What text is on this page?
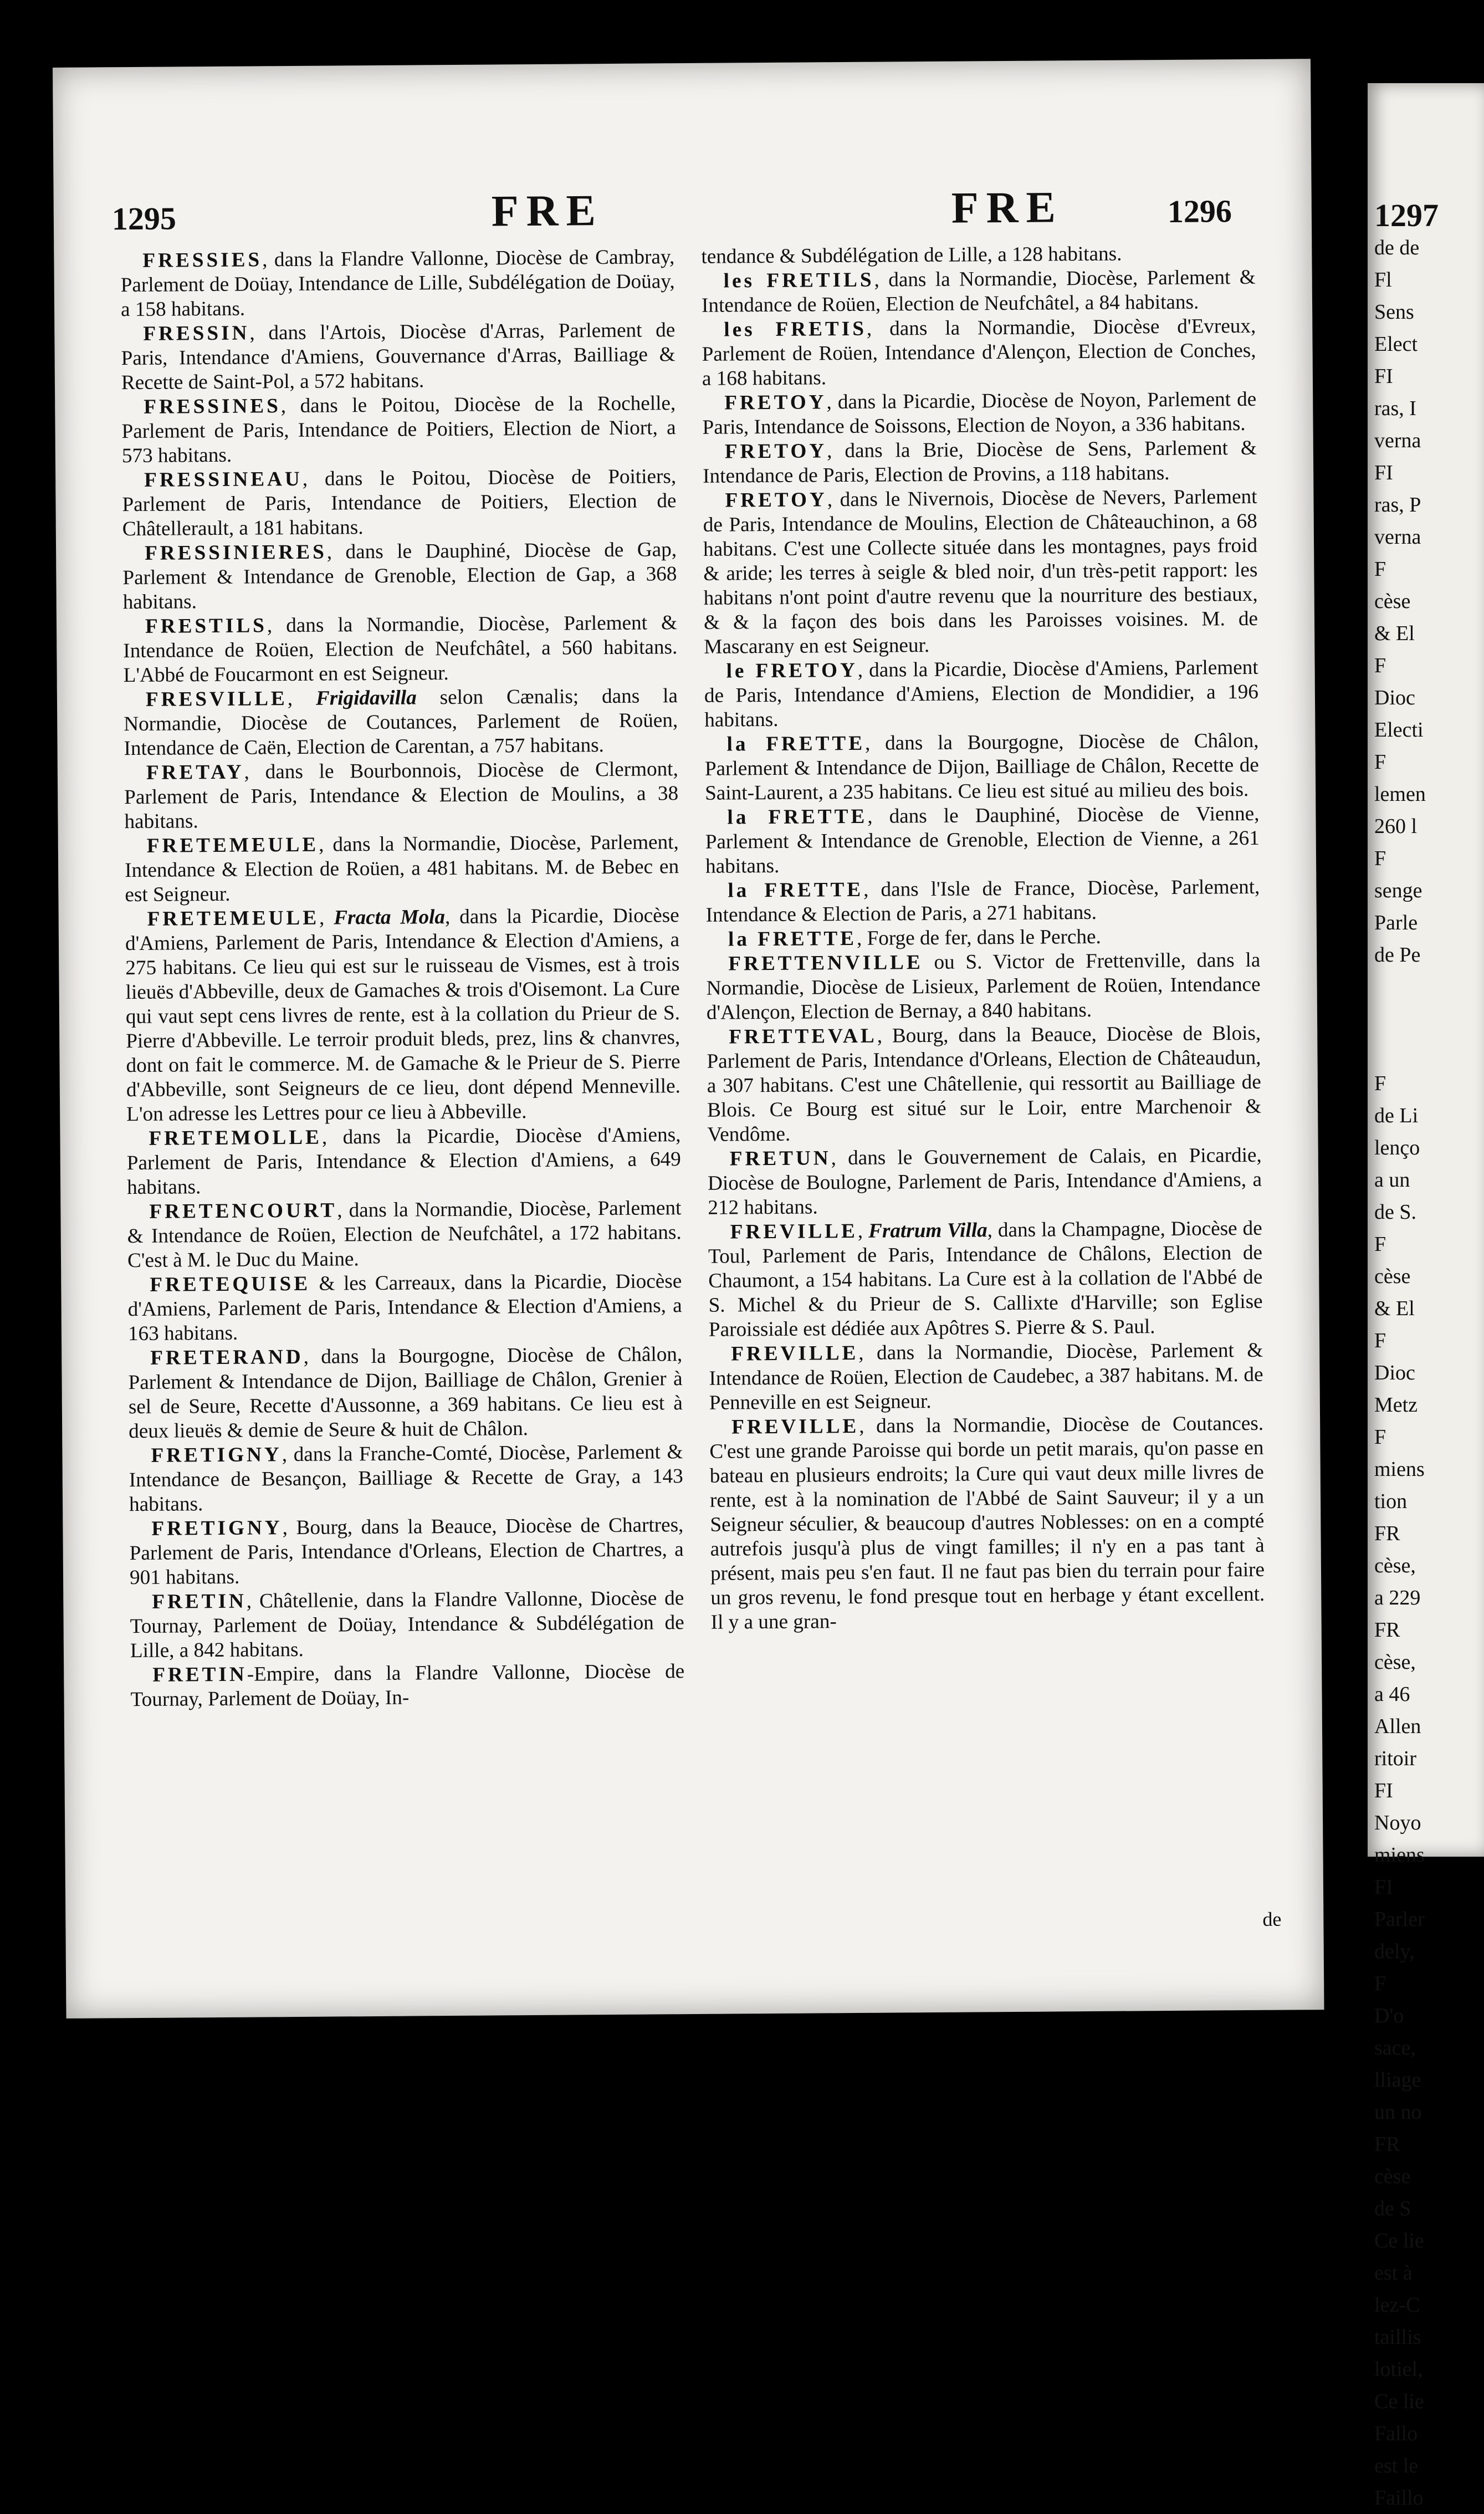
1297
de de
Fl
Sens
Elect
FI
ras, I
verna
FI
ras, P
verna
F
cèse
& El
F
Dioc
Electi
F
lemen
260 l
F
senge
Parle
de Pe

F
de Li
lenço
a un
de S.
F
cèse
& El
F
Dioc
Metz
F
miens
tion
FR
cèse,
a 229
FR
cèse,
a 46
Allen
ritoir
FI
Noyo
miens
FI
Parler
dely,
F
D'o
sace,
lliage
un no
FR
cèse
de S
Ce lie
est à
lez-C
taillis
lotiel,
Ce lie
Fallo
est le
Faillo
1295	FRE	FRE	1296

FRESSIES, dans la Flandre Vallonne, Diocèse de Cambray, Parlement de Doüay, Intendance de Lille, Subdélégation de Doüay, a 158 habitans.

FRESSIN, dans l'Artois, Diocèse d'Arras, Parlement de Paris, Intendance d'Amiens, Gouvernance d'Arras, Bailliage & Recette de Saint-Pol, a 572 habitans.

FRESSINES, dans le Poitou, Diocèse de la Rochelle, Parlement de Paris, Intendance de Poitiers, Election de Niort, a 573 habitans.

FRESSINEAU, dans le Poitou, Diocèse de Poitiers, Parlement de Paris, Intendance de Poitiers, Election de Châtellerault, a 181 habitans.

FRESSINIERES, dans le Dauphiné, Diocèse de Gap, Parlement & Intendance de Grenoble, Election de Gap, a 368 habitans.

FRESTILS, dans la Normandie, Diocèse, Parlement & Intendance de Roüen, Election de Neufchâtel, a 560 habitans. L'Abbé de Foucarmont en est Seigneur.

FRESVILLE, Frigidavilla selon Cænalis; dans la Normandie, Diocèse de Coutances, Parlement de Roüen, Intendance de Caën, Election de Carentan, a 757 habitans.

FRETAY, dans le Bourbonnois, Diocèse de Clermont, Parlement de Paris, Intendance & Election de Moulins, a 38 habitans.

FRETEMEULE, dans la Normandie, Diocèse, Parlement, Intendance & Election de Roüen, a 481 habitans. M. de Bebec en est Seigneur.

FRETEMEULE, Fracta Mola, dans la Picardie, Diocèse d'Amiens, Parlement de Paris, Intendance & Election d'Amiens, a 275 habitans. Ce lieu qui est sur le ruisseau de Vismes, est à trois lieuës d'Abbeville, deux de Gamaches & trois d'Oisemont. La Cure qui vaut sept cens livres de rente, est à la collation du Prieur de S. Pierre d'Abbeville. Le terroir produit bleds, prez, lins & chanvres, dont on fait le commerce. M. de Gamache & le Prieur de S. Pierre d'Abbeville, sont Seigneurs de ce lieu, dont dépend Menneville. L'on adresse les Lettres pour ce lieu à Abbeville.

FRETEMOLLE, dans la Picardie, Diocèse d'Amiens, Parlement de Paris, Intendance & Election d'Amiens, a 649 habitans.

FRETENCOURT, dans la Normandie, Diocèse, Parlement & Intendance de Roüen, Election de Neufchâtel, a 172 habitans. C'est à M. le Duc du Maine.

FRETEQUISE & les Carreaux, dans la Picardie, Diocèse d'Amiens, Parlement de Paris, Intendance & Election d'Amiens, a 163 habitans.

FRETERAND, dans la Bourgogne, Diocèse de Châlon, Parlement & Intendance de Dijon, Bailliage de Châlon, Grenier à sel de Seure, Recette d'Aussonne, a 369 habitans. Ce lieu est à deux lieuës & demie de Seure & huit de Châlon.

FRETIGNY, dans la Franche-Comté, Diocèse, Parlement & Intendance de Besançon, Bailliage & Recette de Gray, a 143 habitans.

FRETIGNY, Bourg, dans la Beauce, Diocèse de Chartres, Parlement de Paris, Intendance d'Orleans, Election de Chartres, a 901 habitans.

FRETIN, Châtellenie, dans la Flandre Vallonne, Diocèse de Tournay, Parlement de Doüay, Intendance & Subdélégation de Lille, a 842 habitans.

FRETIN-Empire, dans la Flandre Vallonne, Diocèse de Tournay, Parlement de Doüay, In-

tendance & Subdélégation de Lille, a 128 habitans.

les FRETILS, dans la Normandie, Diocèse, Parlement & Intendance de Roüen, Election de Neufchâtel, a 84 habitans.

les FRETIS, dans la Normandie, Diocèse d'Evreux, Parlement de Roüen, Intendance d'Alençon, Election de Conches, a 168 habitans.

FRETOY, dans la Picardie, Diocèse de Noyon, Parlement de Paris, Intendance de Soissons, Election de Noyon, a 336 habitans.

FRETOY, dans la Brie, Diocèse de Sens, Parlement & Intendance de Paris, Election de Provins, a 118 habitans.

FRETOY, dans le Nivernois, Diocèse de Nevers, Parlement de Paris, Intendance de Moulins, Election de Châteauchinon, a 68 habitans. C'est une Collecte située dans les montagnes, pays froid & aride; les terres à seigle & bled noir, d'un très-petit rapport: les habitans n'ont point d'autre revenu que la nourriture des bestiaux, & & la façon des bois dans les Paroisses voisines. M. de Mascarany en est Seigneur.

le FRETOY, dans la Picardie, Diocèse d'Amiens, Parlement de Paris, Intendance d'Amiens, Election de Mondidier, a 196 habitans.

la FRETTE, dans la Bourgogne, Diocèse de Châlon, Parlement & Intendance de Dijon, Bailliage de Châlon, Recette de Saint-Laurent, a 235 habitans. Ce lieu est situé au milieu des bois.

la FRETTE, dans le Dauphiné, Diocèse de Vienne, Parlement & Intendance de Grenoble, Election de Vienne, a 261 habitans.

la FRETTE, dans l'Isle de France, Diocèse, Parlement, Intendance & Election de Paris, a 271 habitans.

la FRETTE, Forge de fer, dans le Perche.

FRETTENVILLE ou S. Victor de Frettenville, dans la Normandie, Diocèse de Lisieux, Parlement de Roüen, Intendance d'Alençon, Election de Bernay, a 840 habitans.

FRETTEVAL, Bourg, dans la Beauce, Diocèse de Blois, Parlement de Paris, Intendance d'Orleans, Election de Châteaudun, a 307 habitans. C'est une Châtellenie, qui ressortit au Bailliage de Blois. Ce Bourg est situé sur le Loir, entre Marchenoir & Vendôme.

FRETUN, dans le Gouvernement de Calais, en Picardie, Diocèse de Boulogne, Parlement de Paris, Intendance d'Amiens, a 212 habitans.

FREVILLE, Fratrum Villa, dans la Champagne, Diocèse de Toul, Parlement de Paris, Intendance de Châlons, Election de Chaumont, a 154 habitans. La Cure est à la collation de l'Abbé de S. Michel & du Prieur de S. Callixte d'Harville; son Eglise Paroissiale est dédiée aux Apôtres S. Pierre & S. Paul.

FREVILLE, dans la Normandie, Diocèse, Parlement & Intendance de Roüen, Election de Caudebec, a 387 habitans. M. de Penneville en est Seigneur.

FREVILLE, dans la Normandie, Diocèse de Coutances. C'est une grande Paroisse qui borde un petit marais, qu'on passe en bateau en plusieurs endroits; la Cure qui vaut deux mille livres de rente, est à la nomination de l'Abbé de Saint Sauveur; il y a un Seigneur séculier, & beaucoup d'autres Noblesses: on en a compté autrefois jusqu'à plus de vingt familles; il n'y en a pas tant à présent, mais peu s'en faut. Il ne faut pas bien du terrain pour faire un gros revenu, le fond presque tout en herbage y étant excellent. Il y a une gran-

de
